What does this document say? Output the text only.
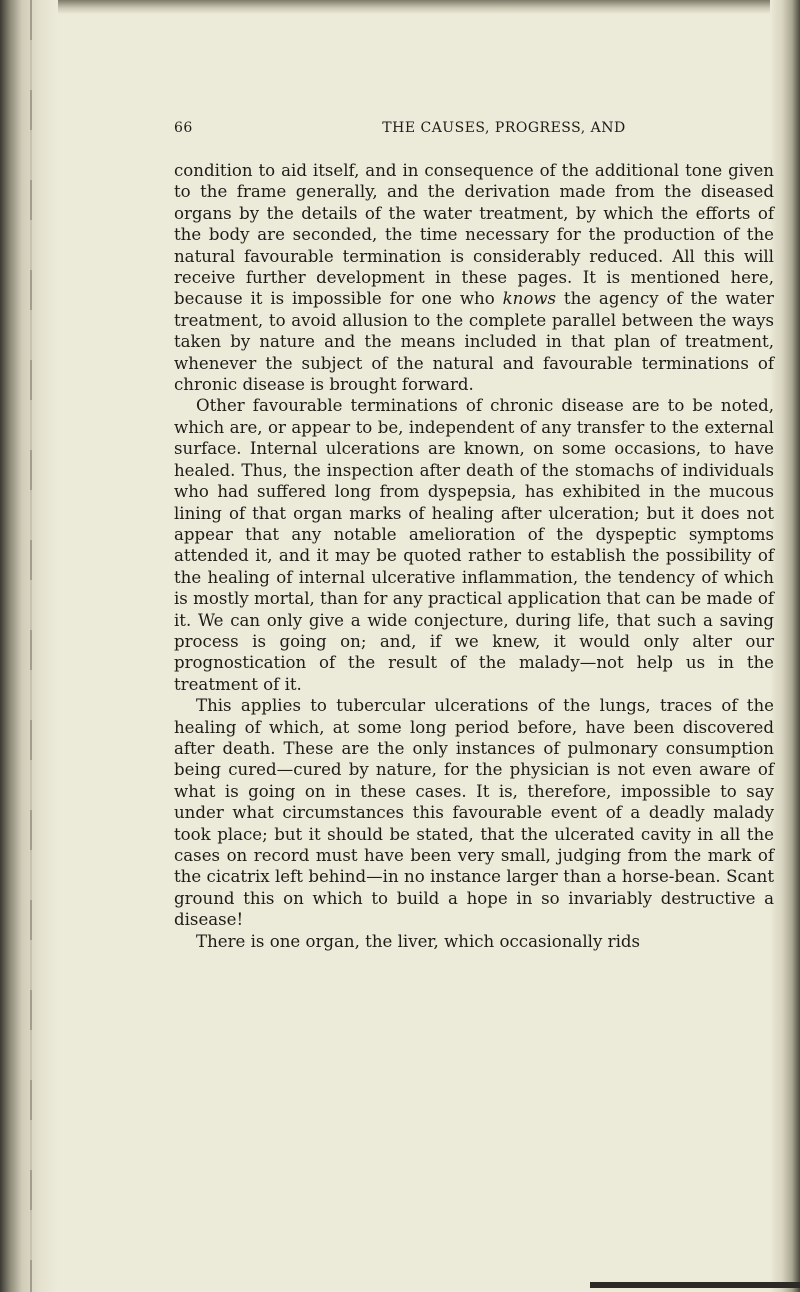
66	THE CAUSES, PROGRESS, AND

condition to aid itself, and in consequence of the additional tone given to the frame generally, and the derivation made from the diseased organs by the details of the water treatment, by which the efforts of the body are seconded, the time necessary for the production of the natural favourable termination is considerably reduced. All this will receive further development in these pages. It is mentioned here, because it is impossible for one who knows the agency of the water treatment, to avoid allusion to the complete parallel between the ways taken by nature and the means included in that plan of treatment, whenever the subject of the natural and favourable terminations of chronic disease is brought forward.

Other favourable terminations of chronic disease are to be noted, which are, or appear to be, independent of any transfer to the external surface. Internal ulcerations are known, on some occasions, to have healed. Thus, the inspection after death of the stomachs of individuals who had suffered long from dyspepsia, has exhibited in the mucous lining of that organ marks of healing after ulceration; but it does not appear that any notable amelioration of the dyspeptic symptoms attended it, and it may be quoted rather to establish the possibility of the healing of internal ulcerative inflammation, the tendency of which is mostly mortal, than for any practical application that can be made of it. We can only give a wide conjecture, during life, that such a saving process is going on; and, if we knew, it would only alter our prognostication of the result of the malady—not help us in the treatment of it.

This applies to tubercular ulcerations of the lungs, traces of the healing of which, at some long period before, have been discovered after death. These are the only instances of pulmonary consumption being cured—cured by nature, for the physician is not even aware of what is going on in these cases. It is, therefore, impossible to say under what circumstances this favourable event of a deadly malady took place; but it should be stated, that the ulcerated cavity in all the cases on record must have been very small, judging from the mark of the cicatrix left behind—in no instance larger than a horse-bean. Scant ground this on which to build a hope in so invariably destructive a disease!

There is one organ, the liver, which occasionally rids
